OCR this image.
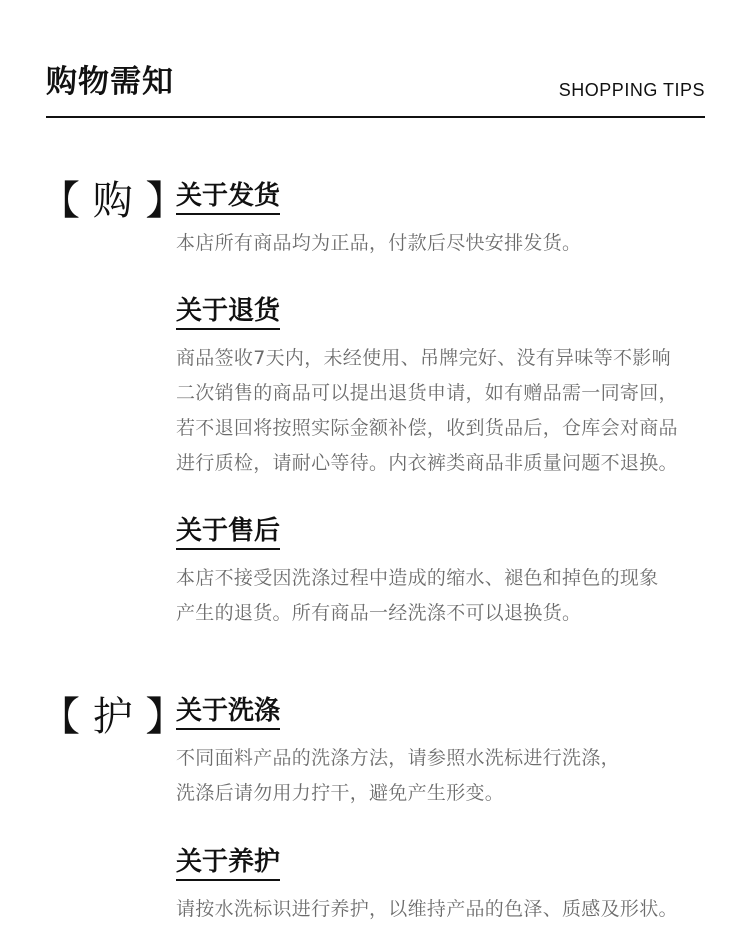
购物需知	SHOPPING TIPS
【 购 】
关于发货
本店所有商品均为正品，付款后尽快安排发货。
关于退货
商品签收7天内，未经使用、吊牌完好、没有异味等不影响
二次销售的商品可以提出退货申请，如有赠品需一同寄回，
若不退回将按照实际金额补偿，收到货品后，仓库会对商品
进行质检，请耐心等待。内衣裤类商品非质量问题不退换。
关于售后
本店不接受因洗涤过程中造成的缩水、褪色和掉色的现象
产生的退货。所有商品一经洗涤不可以退换货。
【 护 】
关于洗涤
不同面料产品的洗涤方法，请参照水洗标进行洗涤，
洗涤后请勿用力拧干，避免产生形变。
关于养护
请按水洗标识进行养护，以维持产品的色泽、质感及形状。
